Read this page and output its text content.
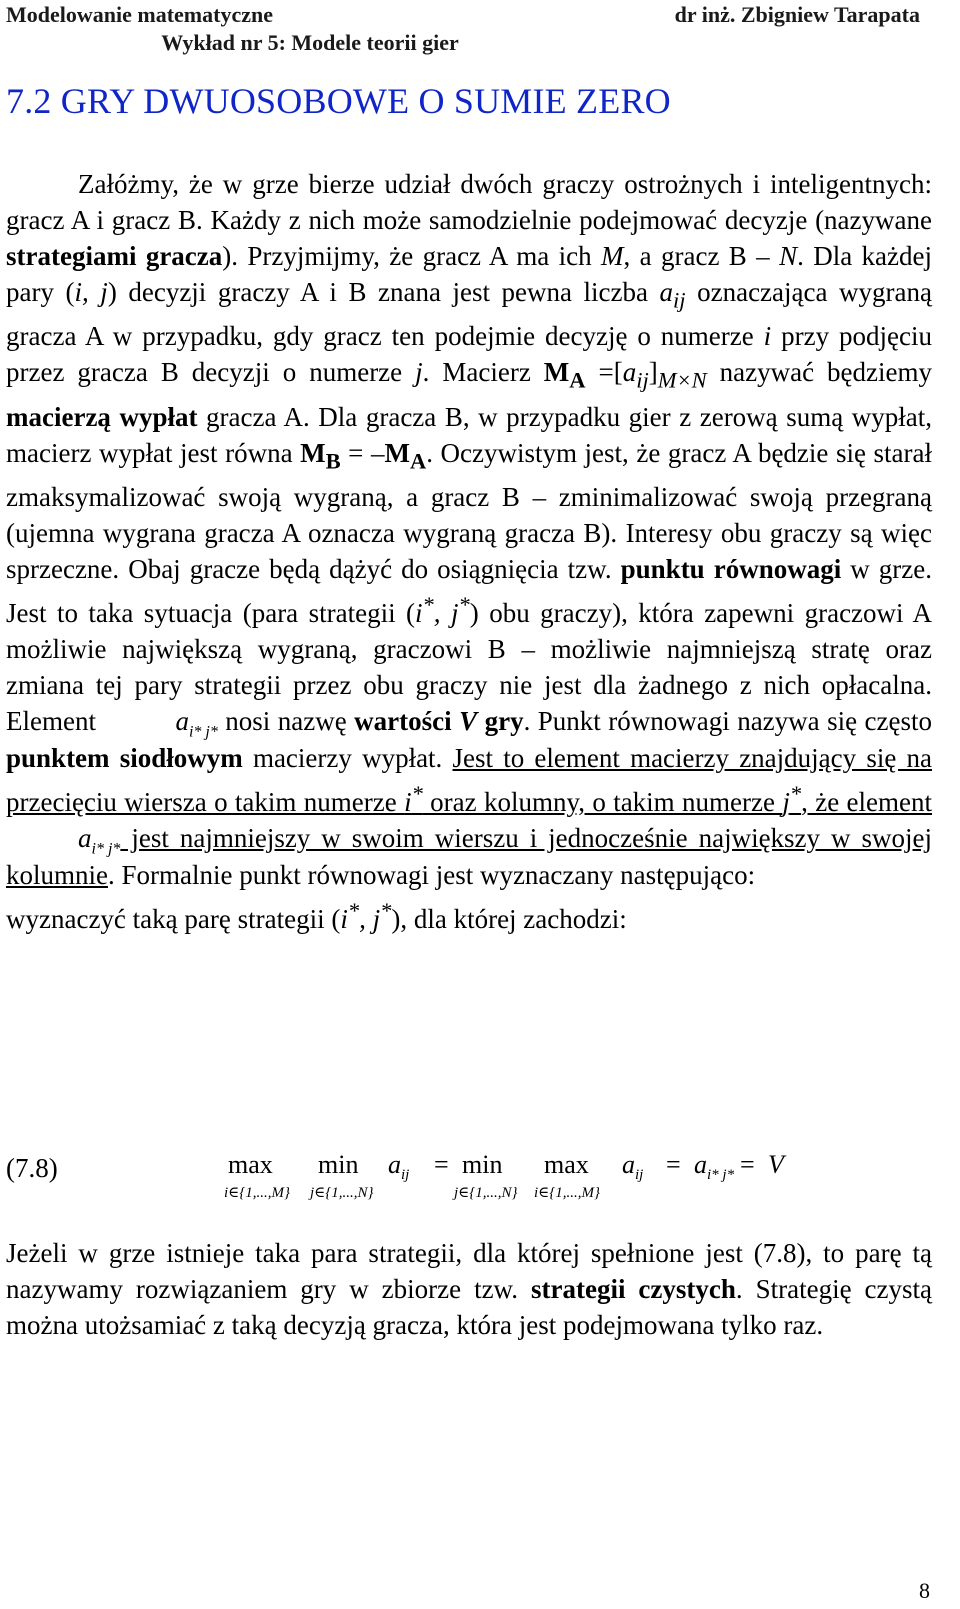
Modelowanie matematyczne	dr inż. Zbigniew Tarapata
Wykład nr 5: Modele teorii gier
7.2 GRY DWUOSOBOWE O SUMIE ZERO
Załóżmy, że w grze bierze udział dwóch graczy ostrożnych i inteligentnych: gracz A i gracz B. Każdy z nich może samodzielnie podejmować decyzje (nazywane strategiami gracza). Przyjmijmy, że gracz A ma ich M, a gracz B – N. Dla każdej pary (i, j) decyzji graczy A i B znana jest pewna liczba $a_{ij}$ oznaczająca wygraną gracza A w przypadku, gdy gracz ten podejmie decyzję o numerze i przy podjęciu przez gracza B decyzji o numerze j. Macierz $M_A =[a_{ij}]_{M\times N}$ nazywać będziemy macierzą wypłat gracza A. Dla gracza B, w przypadku gier z zerową sumą wypłat, macierz wypłat jest równa $M_B = -M_A$. Oczywistym jest, że gracz A będzie się starał zmaksymalizować swoją wygraną, a gracz B – zminimalizować swoją przegraną (ujemna wygrana gracza A oznacza wygraną gracza B). Interesy obu graczy są więc sprzeczne. Obaj gracze będą dążyć do osiągnięcia tzw. punktu równowagi w grze. Jest to taka sytuacja (para strategii (i*, j*) obu graczy), która zapewni graczowi A możliwie największą wygraną, graczowi B – możliwie najmniejszą stratę oraz zmiana tej pary strategii przez obu graczy nie jest dla żadnego z nich opłacalna. Element	$a_{i* j*}$ nosi nazwę wartości V gry. Punkt równowagi nazywa się często punktem siodłowym macierzy wypłat. Jest to element macierzy znajdujący się na przecięciu wiersza o takim numerze i* oraz kolumny, o takim numerze j*, że element $a_{i* j*}$ jest najmniejszy w swoim wierszu i jednocześnie największy w swojej kolumnie. Formalnie punkt równowagi jest wyznaczany następująco:
wyznaczyć taką parę strategii (i*, j*), dla której zachodzi:
(7.8)	max
i∈{1,...,M}
min
j∈{1,...,N}
$a_{ij} = \min$
j∈{1,...,N}
max
i∈{1,...,M}
$a_{ij} = a_{i* j*} = V$
Jeżeli w grze istnieje taka para strategii, dla której spełnione jest (7.8), to parę tą nazywamy rozwiązaniem gry w zbiorze tzw. strategii czystych. Strategię czystą można utożsamiać z taką decyzją gracza, która jest podejmowana tylko raz.
8
